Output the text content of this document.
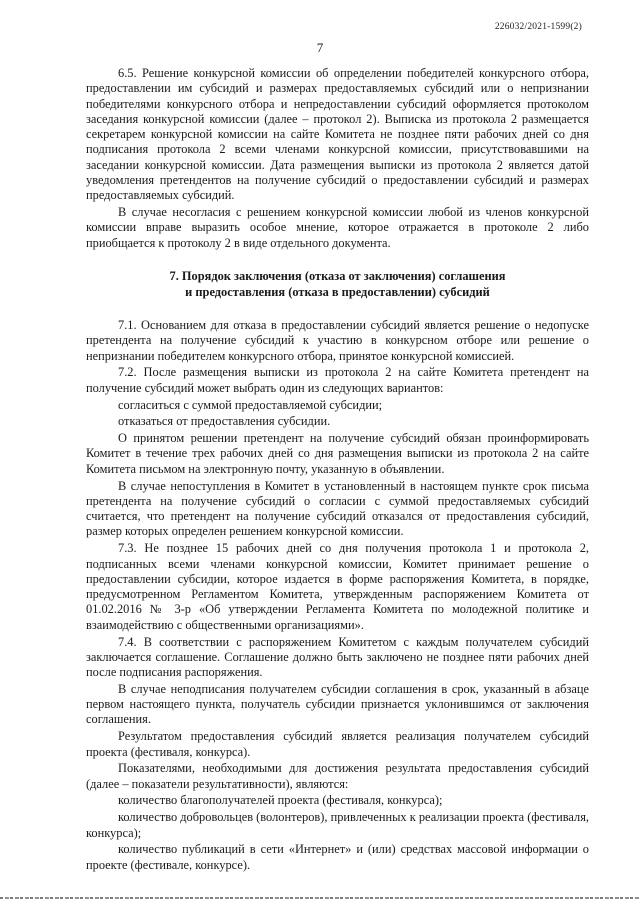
226032/2021-1599(2)
7

6.5. Решение конкурсной комиссии об определении победителей конкурсного отбора, предоставлении им субсидий и размерах предоставляемых субсидий или о непризнании победителями конкурсного отбора и непредоставлении субсидий оформляется протоколом заседания конкурсной комиссии (далее – протокол 2). Выписка из протокола 2 размещается секретарем конкурсной комиссии на сайте Комитета не позднее пяти рабочих дней со дня подписания протокола 2 всеми членами конкурсной комиссии, присутствовавшими на заседании конкурсной комиссии. Дата размещения выписки из протокола 2 является датой уведомления претендентов на получение субсидий о предоставлении субсидий и размерах предоставляемых субсидий.

В случае несогласия с решением конкурсной комиссии любой из членов конкурсной комиссии вправе выразить особое мнение, которое отражается в протоколе 2 либо приобщается к протоколу 2 в виде отдельного документа.

7. Порядок заключения (отказа от заключения) соглашения
и предоставления (отказа в предоставлении) субсидий

7.1. Основанием для отказа в предоставлении субсидий является решение о недопуске претендента на получение субсидий к участию в конкурсном отборе или решение о непризнании победителем конкурсного отбора, принятое конкурсной комиссией.

7.2. После размещения выписки из протокола 2 на сайте Комитета претендент на получение субсидий может выбрать один из следующих вариантов:

согласиться с суммой предоставляемой субсидии;

отказаться от предоставления субсидии.

О принятом решении претендент на получение субсидий обязан проинформировать Комитет в течение трех рабочих дней со дня размещения выписки из протокола 2 на сайте Комитета письмом на электронную почту, указанную в объявлении.

В случае непоступления в Комитет в установленный в настоящем пункте срок письма претендента на получение субсидий о согласии с суммой предоставляемых субсидий считается, что претендент на получение субсидий отказался от предоставления субсидий, размер которых определен решением конкурсной комиссии.

7.3. Не позднее 15 рабочих дней со дня получения протокола 1 и протокола 2, подписанных всеми членами конкурсной комиссии, Комитет принимает решение о предоставлении субсидии, которое издается в форме распоряжения Комитета, в порядке, предусмотренном Регламентом Комитета, утвержденным распоряжением Комитета от 01.02.2016 № 3-р «Об утверждении Регламента Комитета по молодежной политике и взаимодействию с общественными организациями».

7.4. В соответствии с распоряжением Комитетом с каждым получателем субсидий заключается соглашение. Соглашение должно быть заключено не позднее пяти рабочих дней после подписания распоряжения.

В случае неподписания получателем субсидии соглашения в срок, указанный в абзаце первом настоящего пункта, получатель субсидии признается уклонившимся от заключения соглашения.

Результатом предоставления субсидий является реализация получателем субсидий проекта (фестиваля, конкурса).

Показателями, необходимыми для достижения результата предоставления субсидий (далее – показатели результативности), являются:

количество благополучателей проекта (фестиваля, конкурса);

количество добровольцев (волонтеров), привлеченных к реализации проекта (фестиваля, конкурса);

количество публикаций в сети «Интернет» и (или) средствах массовой информации о проекте (фестивале, конкурсе).
